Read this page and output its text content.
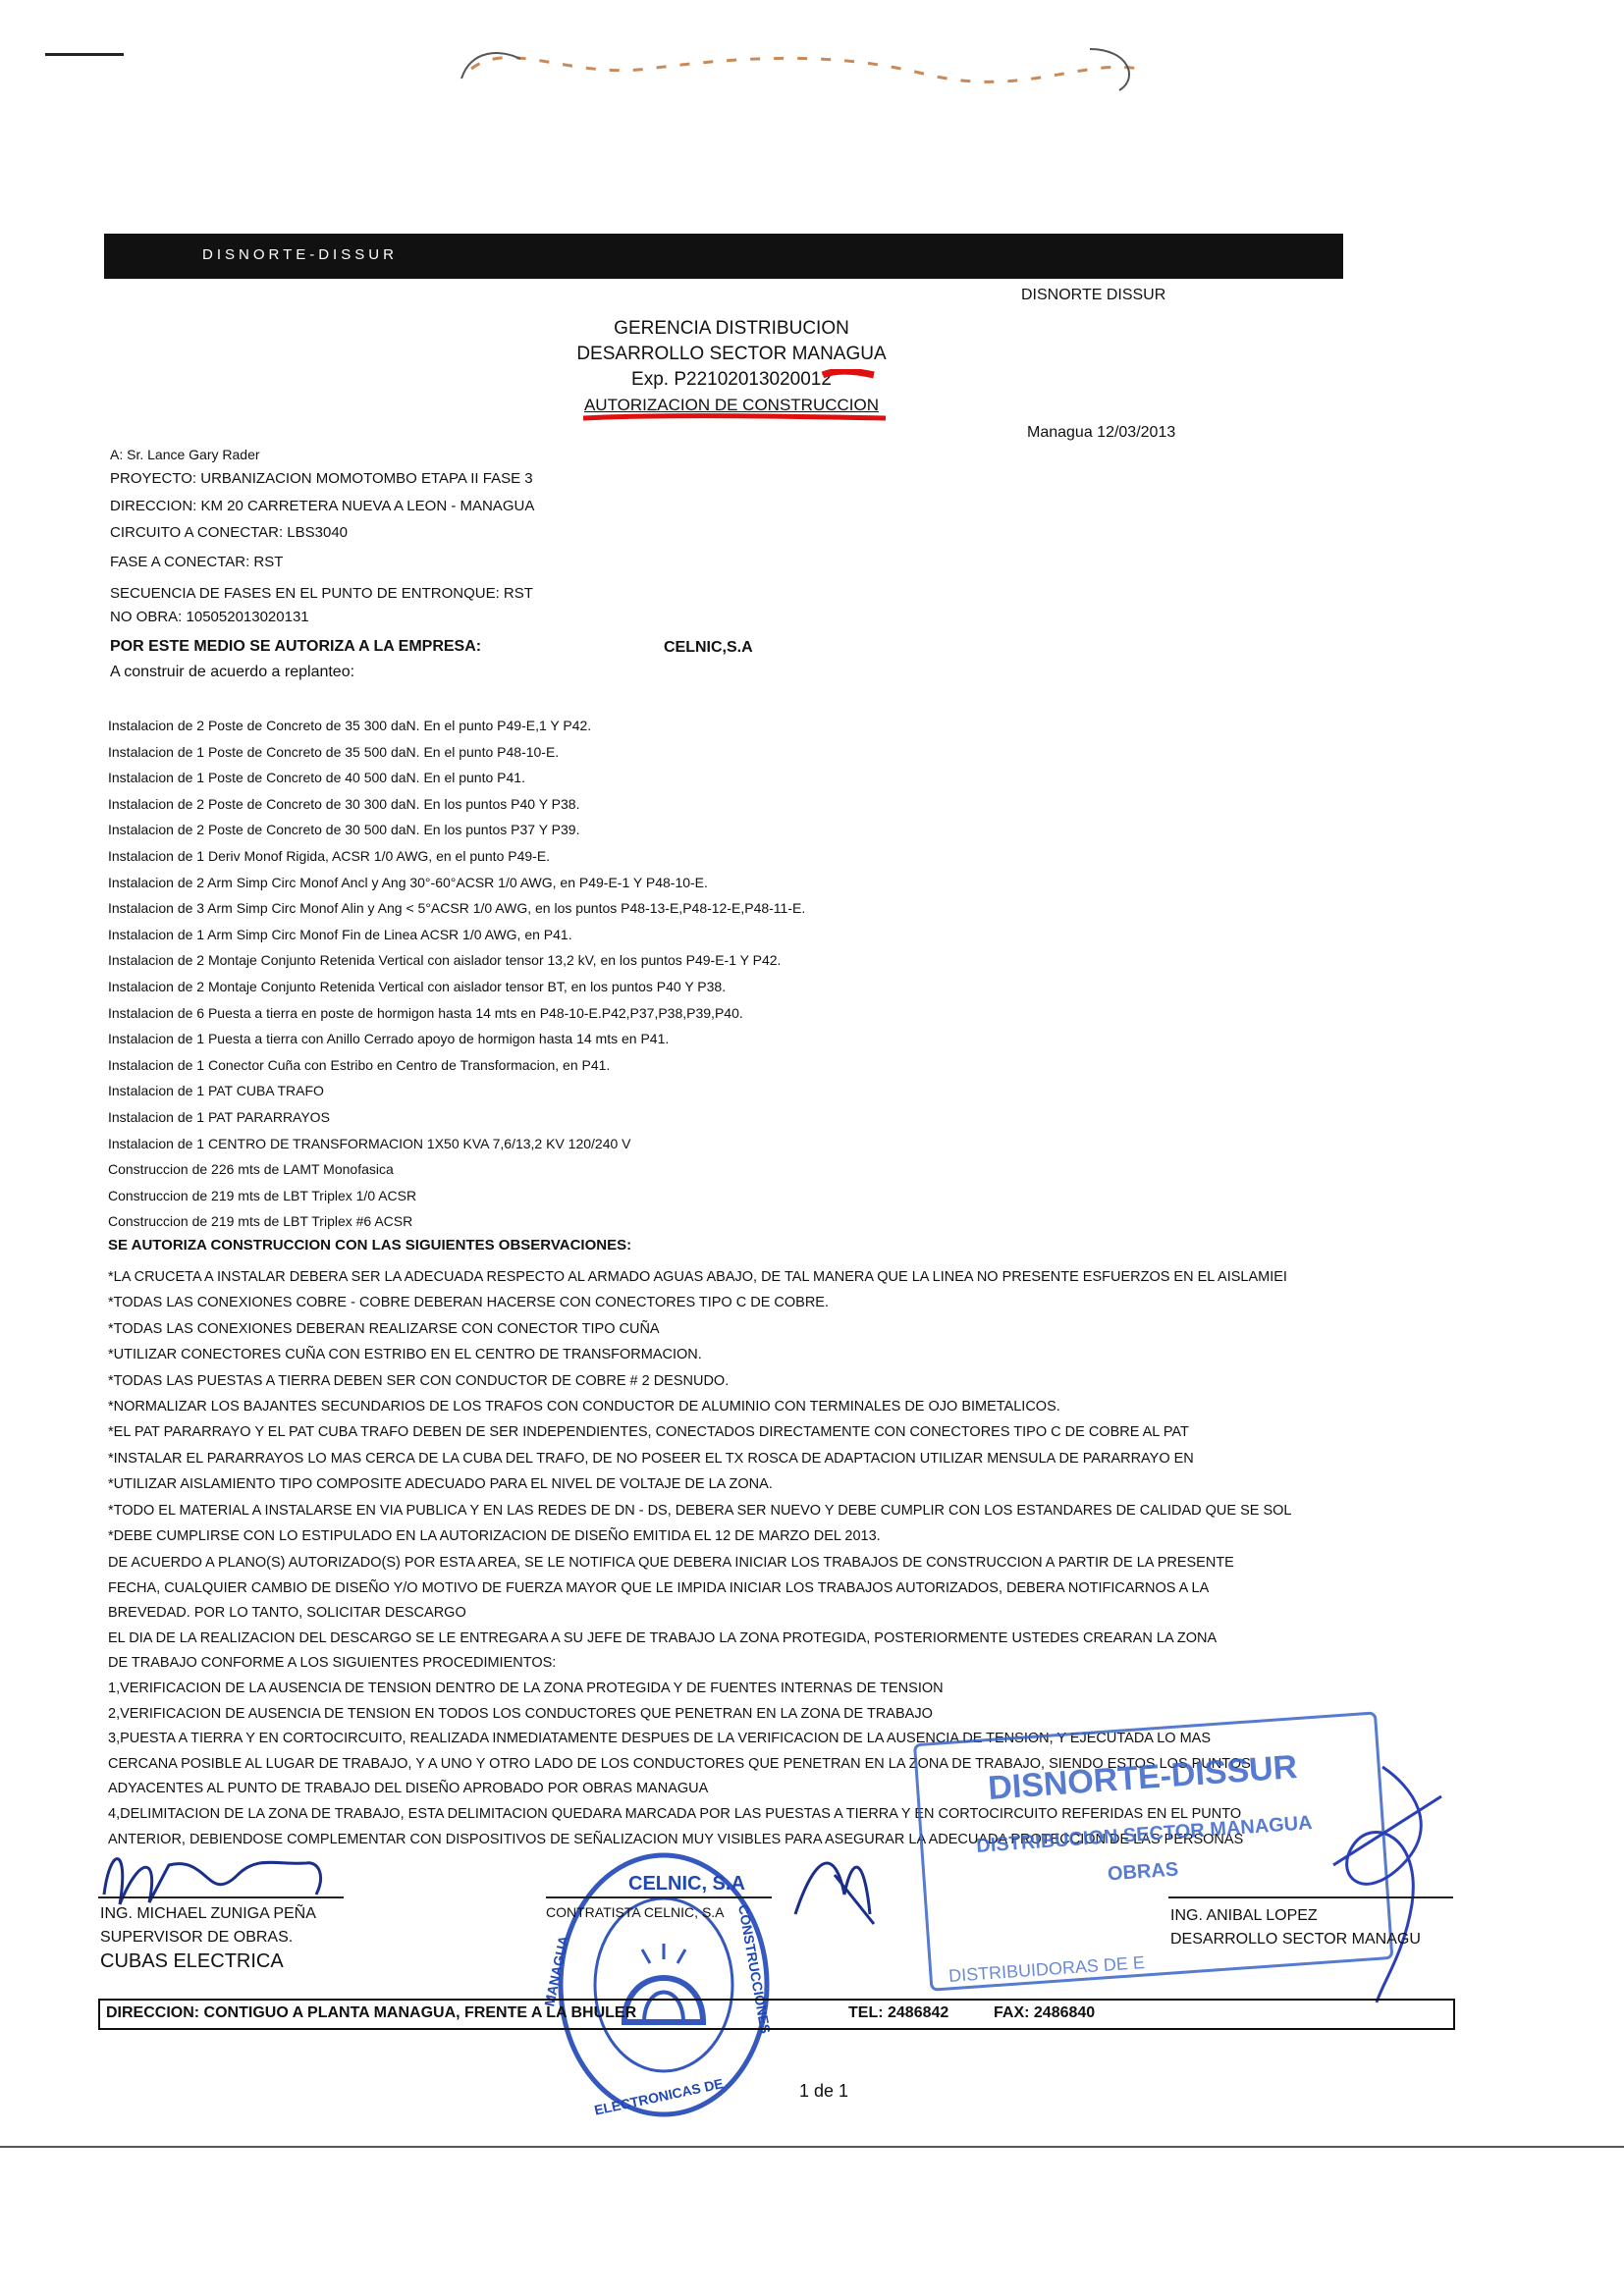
DISNORTE-DISSUR
DISNORTE DISSUR
GERENCIA DISTRIBUCION
DESARROLLO SECTOR MANAGUA
Exp. P22102013020012
AUTORIZACION DE CONSTRUCCION
Managua 12/03/2013
A: Sr. Lance Gary Rader
PROYECTO: URBANIZACION MOMOTOMBO ETAPA II FASE 3
DIRECCION: KM 20 CARRETERA NUEVA A LEON - MANAGUA
CIRCUITO A CONECTAR: LBS3040
FASE A CONECTAR: RST
SECUENCIA DE FASES EN EL PUNTO DE ENTRONQUE: RST
NO OBRA: 105052013020131
POR ESTE MEDIO SE AUTORIZA A LA EMPRESA:	CELNIC,S.A
A construir de acuerdo a replanteo:
Instalacion de 2 Poste de Concreto de 35 300 daN. En el punto P49-E,1 Y P42.
Instalacion de 1 Poste de Concreto de 35 500 daN. En el punto P48-10-E.
Instalacion de 1 Poste de Concreto de 40 500 daN. En el punto P41.
Instalacion de 2 Poste de Concreto de 30 300 daN. En los puntos P40 Y P38.
Instalacion de 2 Poste de Concreto de 30 500 daN. En los puntos P37 Y P39.
Instalacion de 1 Deriv Monof Rigida, ACSR 1/0 AWG, en el punto P49-E.
Instalacion de 2 Arm Simp Circ Monof Ancl y Ang 30°-60°ACSR 1/0 AWG, en P49-E-1 Y P48-10-E.
Instalacion de 3 Arm Simp Circ Monof Alin y Ang < 5°ACSR 1/0 AWG, en los puntos P48-13-E,P48-12-E,P48-11-E.
Instalacion de 1 Arm Simp Circ Monof Fin de Linea ACSR 1/0 AWG, en P41.
Instalacion de 2 Montaje Conjunto Retenida Vertical con aislador tensor 13,2 kV, en los puntos P49-E-1 Y P42.
Instalacion de 2 Montaje Conjunto Retenida Vertical con aislador tensor BT, en los puntos P40 Y P38.
Instalacion de 6 Puesta a tierra en poste de hormigon hasta 14 mts en P48-10-E.P42,P37,P38,P39,P40.
Instalacion de 1 Puesta a tierra con Anillo Cerrado apoyo de hormigon hasta 14 mts en P41.
Instalacion de 1 Conector Cuña con Estribo en Centro de Transformacion, en P41.
Instalacion de 1 PAT CUBA TRAFO
Instalacion de 1 PAT PARARRAYOS
Instalacion de 1 CENTRO DE TRANSFORMACION 1X50 KVA 7,6/13,2 KV 120/240 V
Construccion de 226 mts de LAMT Monofasica
Construccion de 219 mts de LBT Triplex 1/0 ACSR
Construccion de 219 mts de LBT Triplex #6 ACSR
SE AUTORIZA CONSTRUCCION CON LAS SIGUIENTES OBSERVACIONES:
*LA CRUCETA A INSTALAR DEBERA SER LA ADECUADA RESPECTO AL ARMADO AGUAS ABAJO, DE TAL MANERA QUE LA LINEA NO PRESENTE ESFUERZOS EN EL AISLAMIEI
*TODAS LAS CONEXIONES COBRE - COBRE DEBERAN HACERSE CON CONECTORES TIPO C DE COBRE.
*TODAS LAS CONEXIONES DEBERAN REALIZARSE CON CONECTOR TIPO CUÑA
*UTILIZAR CONECTORES CUÑA CON ESTRIBO EN EL CENTRO DE TRANSFORMACION.
*TODAS LAS PUESTAS A TIERRA DEBEN SER CON CONDUCTOR DE COBRE # 2 DESNUDO.
*NORMALIZAR LOS BAJANTES SECUNDARIOS DE LOS TRAFOS CON CONDUCTOR DE ALUMINIO CON TERMINALES DE OJO BIMETALICOS.
*EL PAT PARARRAYO Y EL PAT CUBA TRAFO DEBEN DE SER INDEPENDIENTES, CONECTADOS DIRECTAMENTE CON CONECTORES TIPO C DE COBRE AL PAT
*INSTALAR EL PARARRAYOS LO MAS CERCA DE LA CUBA DEL TRAFO, DE NO POSEER EL TX ROSCA DE ADAPTACION UTILIZAR MENSULA DE PARARRAYO EN
*UTILIZAR AISLAMIENTO TIPO COMPOSITE ADECUADO PARA EL NIVEL DE VOLTAJE DE LA ZONA.
*TODO EL MATERIAL A INSTALARSE EN VIA PUBLICA Y EN LAS REDES DE DN - DS, DEBERA SER NUEVO Y DEBE CUMPLIR CON LOS ESTANDARES DE CALIDAD QUE SE SOL
*DEBE CUMPLIRSE CON LO ESTIPULADO EN LA AUTORIZACION DE DISEÑO EMITIDA EL 12 DE MARZO DEL 2013.
DE ACUERDO A PLANO(S) AUTORIZADO(S) POR ESTA AREA, SE LE NOTIFICA QUE DEBERA INICIAR LOS TRABAJOS DE CONSTRUCCION A PARTIR DE LA PRESENTE
FECHA, CUALQUIER CAMBIO DE DISEÑO Y/O MOTIVO DE FUERZA MAYOR QUE LE IMPIDA INICIAR LOS TRABAJOS AUTORIZADOS, DEBERA NOTIFICARNOS A LA
BREVEDAD. POR LO TANTO, SOLICITAR DESCARGO
EL DIA DE LA REALIZACION DEL DESCARGO SE LE ENTREGARA A SU JEFE DE TRABAJO LA ZONA PROTEGIDA, POSTERIORMENTE USTEDES CREARAN LA ZONA
DE TRABAJO CONFORME A LOS SIGUIENTES PROCEDIMIENTOS:
1,VERIFICACION DE LA AUSENCIA DE TENSION DENTRO DE LA ZONA PROTEGIDA Y DE FUENTES INTERNAS DE TENSION
2,VERIFICACION DE AUSENCIA DE TENSION EN TODOS LOS CONDUCTORES QUE PENETRAN EN LA ZONA DE TRABAJO
3,PUESTA A TIERRA Y EN CORTOCIRCUITO, REALIZADA INMEDIATAMENTE DESPUES DE LA VERIFICACION DE LA AUSENCIA DE TENSION, Y EJECUTADA LO MAS
CERCANA POSIBLE AL LUGAR DE TRABAJO, Y A UNO Y OTRO LADO DE LOS CONDUCTORES QUE PENETRAN EN LA ZONA DE TRABAJO, SIENDO ESTOS LOS PUNTOS
ADYACENTES AL PUNTO DE TRABAJO DEL DISEÑO APROBADO POR OBRAS MANAGUA
4,DELIMITACION DE LA ZONA DE TRABAJO, ESTA DELIMITACION QUEDARA MARCADA POR LAS PUESTAS A TIERRA Y EN CORTOCIRCUITO REFERIDAS EN EL PUNTO
ANTERIOR, DEBIENDOSE COMPLEMENTAR CON DISPOSITIVOS DE SEÑALIZACION MUY VISIBLES PARA ASEGURAR LA ADECUADA PROTECCION DE LAS PERSONAS
DISNORTE-DISSUR
DISTRIBUCION SECTOR MANAGUA
OBRAS
DISTRIBUIDORAS DE E
CELNIC, S.A
MANAGUA	CONSTRUCCIONES
ELECTRONICAS DE
ING. MICHAEL ZUNIGA PEÑA
SUPERVISOR DE OBRAS.
CUBAS ELECTRICA
CONTRATISTA CELNIC, S.A	ING. ANIBAL LOPEZ
DESARROLLO SECTOR MANAGU
DIRECCION: CONTIGUO A PLANTA MANAGUA, FRENTE A LA BHULER	TEL: 2486842	FAX: 2486840
1 de 1
